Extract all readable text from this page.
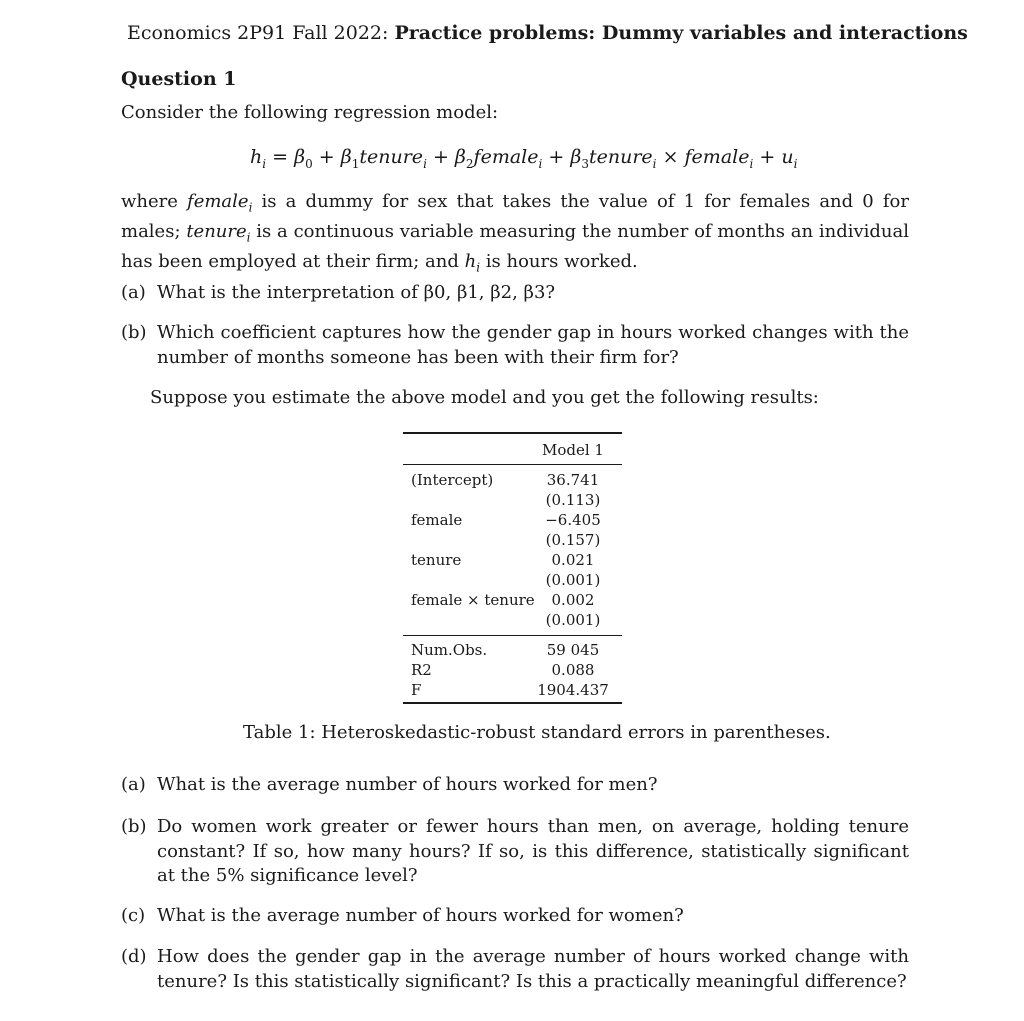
Economics 2P91 Fall 2022: Practice problems: Dummy variables and interactions
Question 1
Consider the following regression model:
$h_i = \beta_0$ + $\beta_1tenure_i$ + $\beta_2female_i$ + $\beta_3tenure_i$ × female$_i$ + $u_i$
where female$_i$ is a dummy for sex that takes the value of 1 for females and 0 for males; tenure$_i$ is a continuous variable measuring the number of months an individual has been employed at their firm; and $h_i$ is hours worked.
(a) What is the interpretation of β0, β1, β2, β3?
(b) Which coefficient captures how the gender gap in hours worked changes with the number of months someone has been with their firm for?
Suppose you estimate the above model and you get the following results:
Model 1
(Intercept)	36.741
(0.113)
female	−6.405
(0.157)
tenure	0.021
(0.001)
female × tenure	0.002
(0.001)
Num.Obs.	59 045
R2	0.088
F	1904.437
Table 1: Heteroskedastic-robust standard errors in parentheses.
(a) What is the average number of hours worked for men?
(b) Do women work greater or fewer hours than men, on average, holding tenure constant? If so, how many hours? If so, is this difference, statistically significant at the 5% significance level?
(c) What is the average number of hours worked for women?
(d) How does the gender gap in the average number of hours worked change with tenure? Is this statistically significant? Is this a practically meaningful difference?
